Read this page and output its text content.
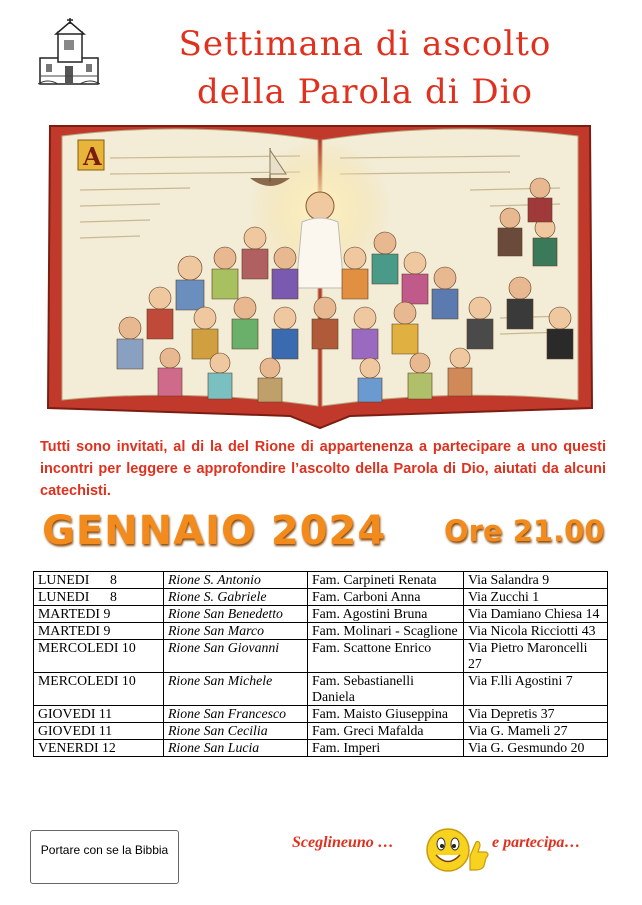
Settimana di ascolto
della Parola di Dio
A

Tutti sono invitati, al di la del Rione di appartenenza a partecipare a uno questi incontri per leggere e approfondire l’ascolto della Parola di Dio, aiutati da alcuni catechisti.

GENNAIO 2024 Ore 21.00
LUNEDI      8	Rione S. Antonio	Fam. Carpineti Renata	Via Salandra 9
LUNEDI      8	Rione S. Gabriele	Fam. Carboni Anna	Via Zucchi 1
MARTEDI 9	Rione San Benedetto	Fam. Agostini Bruna	Via Damiano Chiesa 14
MARTEDI 9	Rione San Marco	Fam. Molinari - Scaglione	Via Nicola Ricciotti 43
MERCOLEDI 10	Rione San Giovanni	Fam. Scattone Enrico	Via Pietro Maroncelli 27
MERCOLEDI 10	Rione San Michele	Fam. Sebastianelli Daniela	Via F.lli Agostini 7
GIOVEDI 11	Rione San Francesco	Fam. Maisto Giuseppina	Via Depretis 37
GIOVEDI 11	Rione San Cecilia	Fam. Greci Mafalda	Via G. Mameli 27
VENERDI 12	Rione San Lucia	Fam. Imperi	Via G. Gesmundo 20
Portare con se la Bibbia	Sceglineuno …	e partecipa…
